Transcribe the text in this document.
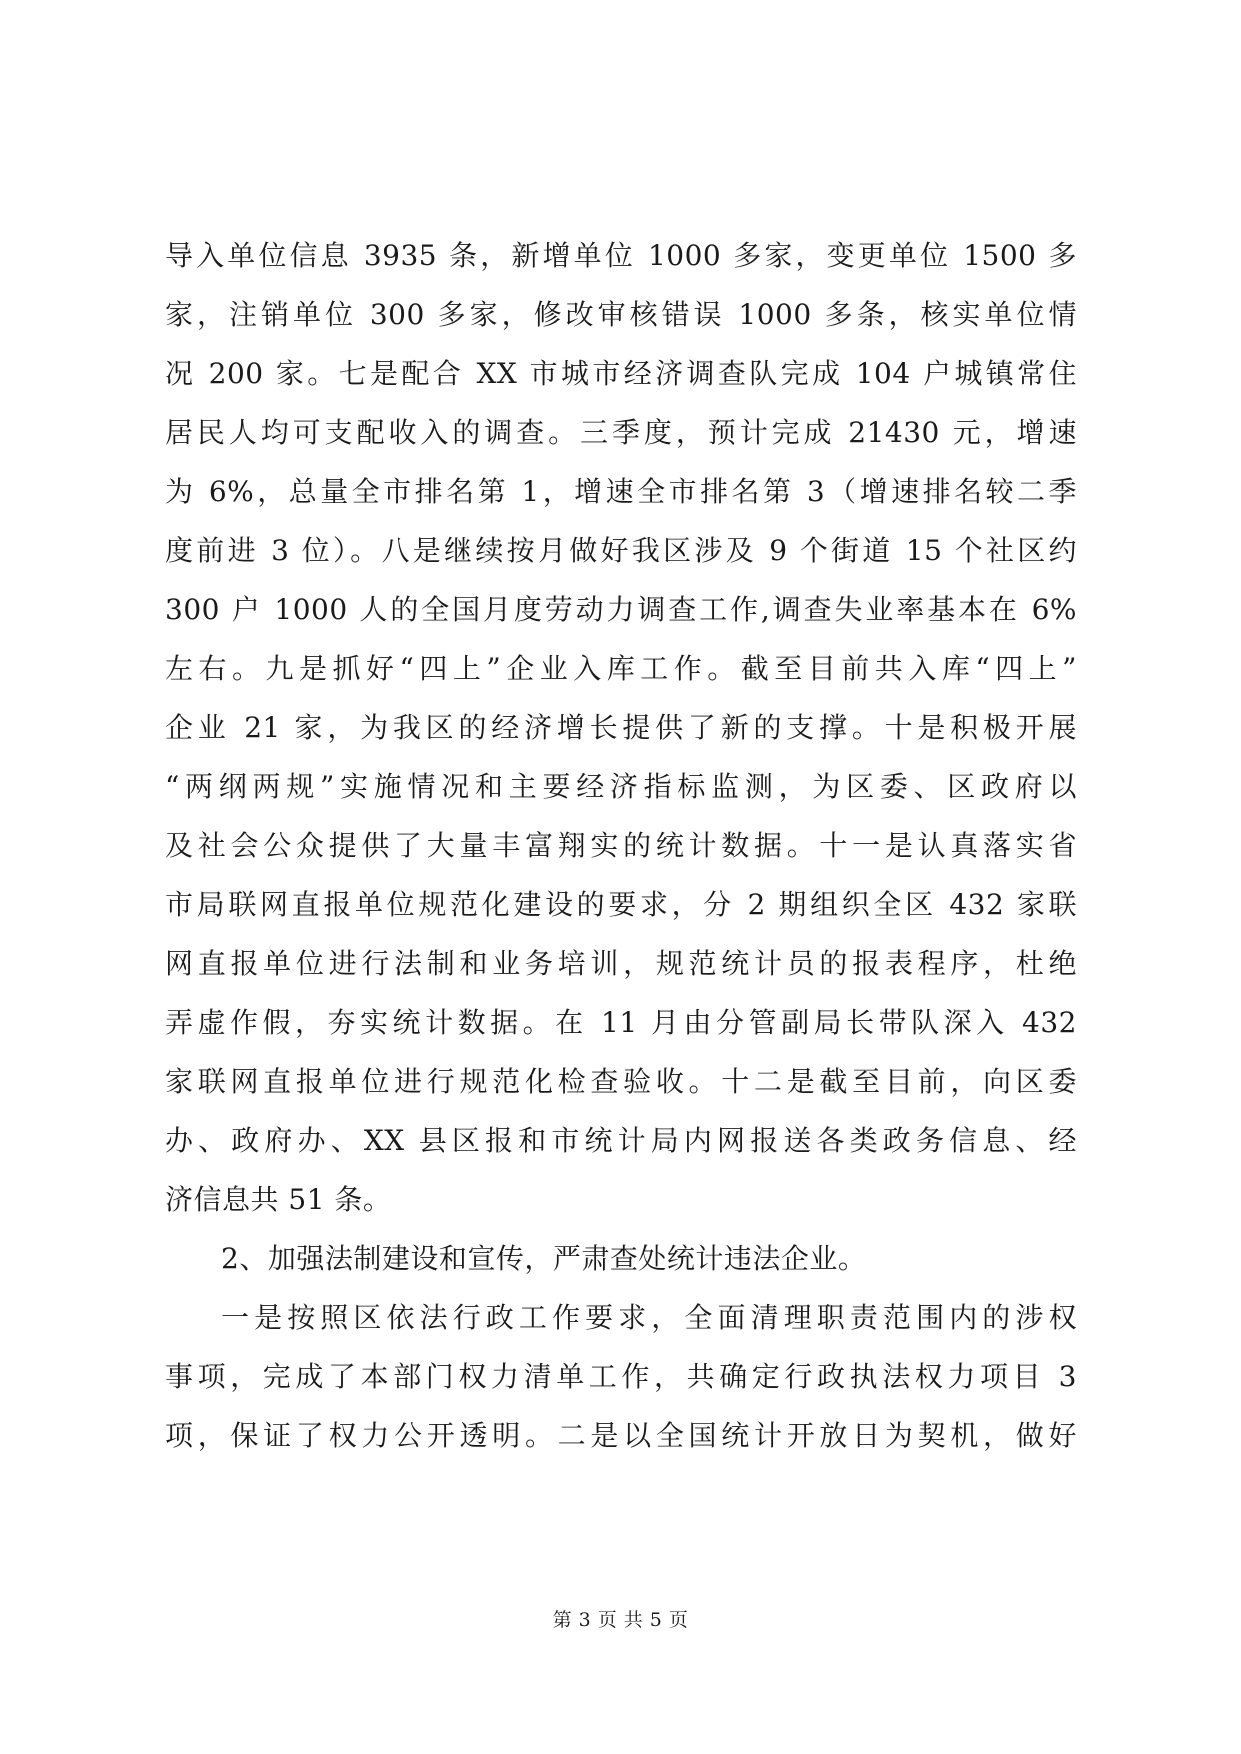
导入单位信息 3935 条，新增单位 1000 多家，变更单位 1500 多
家，注销单位 300 多家，修改审核错误 1000 多条，核实单位情
况 200 家。七是配合 XX 市城市经济调查队完成 104 户城镇常住
居民人均可支配收入的调查。三季度，预计完成 21430 元，增速
为 6%，总量全市排名第 1，增速全市排名第 3（增速排名较二季
度前进 3 位）。八是继续按月做好我区涉及 9 个街道 15 个社区约
300 户 1000 人的全国月度劳动力调查工作,调查失业率基本在 6%
左右。九是抓好“四上”企业入库工作。截至目前共入库“四上”
企业 21 家，为我区的经济增长提供了新的支撑。十是积极开展
“两纲两规”实施情况和主要经济指标监测，为区委、区政府以
及社会公众提供了大量丰富翔实的统计数据。十一是认真落实省
市局联网直报单位规范化建设的要求，分 2 期组织全区 432 家联
网直报单位进行法制和业务培训，规范统计员的报表程序，杜绝
弄虚作假，夯实统计数据。在 11 月由分管副局长带队深入 432
家联网直报单位进行规范化检查验收。十二是截至目前，向区委
办、政府办、XX 县区报和市统计局内网报送各类政务信息、经
济信息共 51 条。
2、加强法制建设和宣传，严肃查处统计违法企业。
一是按照区依法行政工作要求，全面清理职责范围内的涉权
事项，完成了本部门权力清单工作，共确定行政执法权力项目 3
项，保证了权力公开透明。二是以全国统计开放日为契机，做好
第 3 页 共 5 页
